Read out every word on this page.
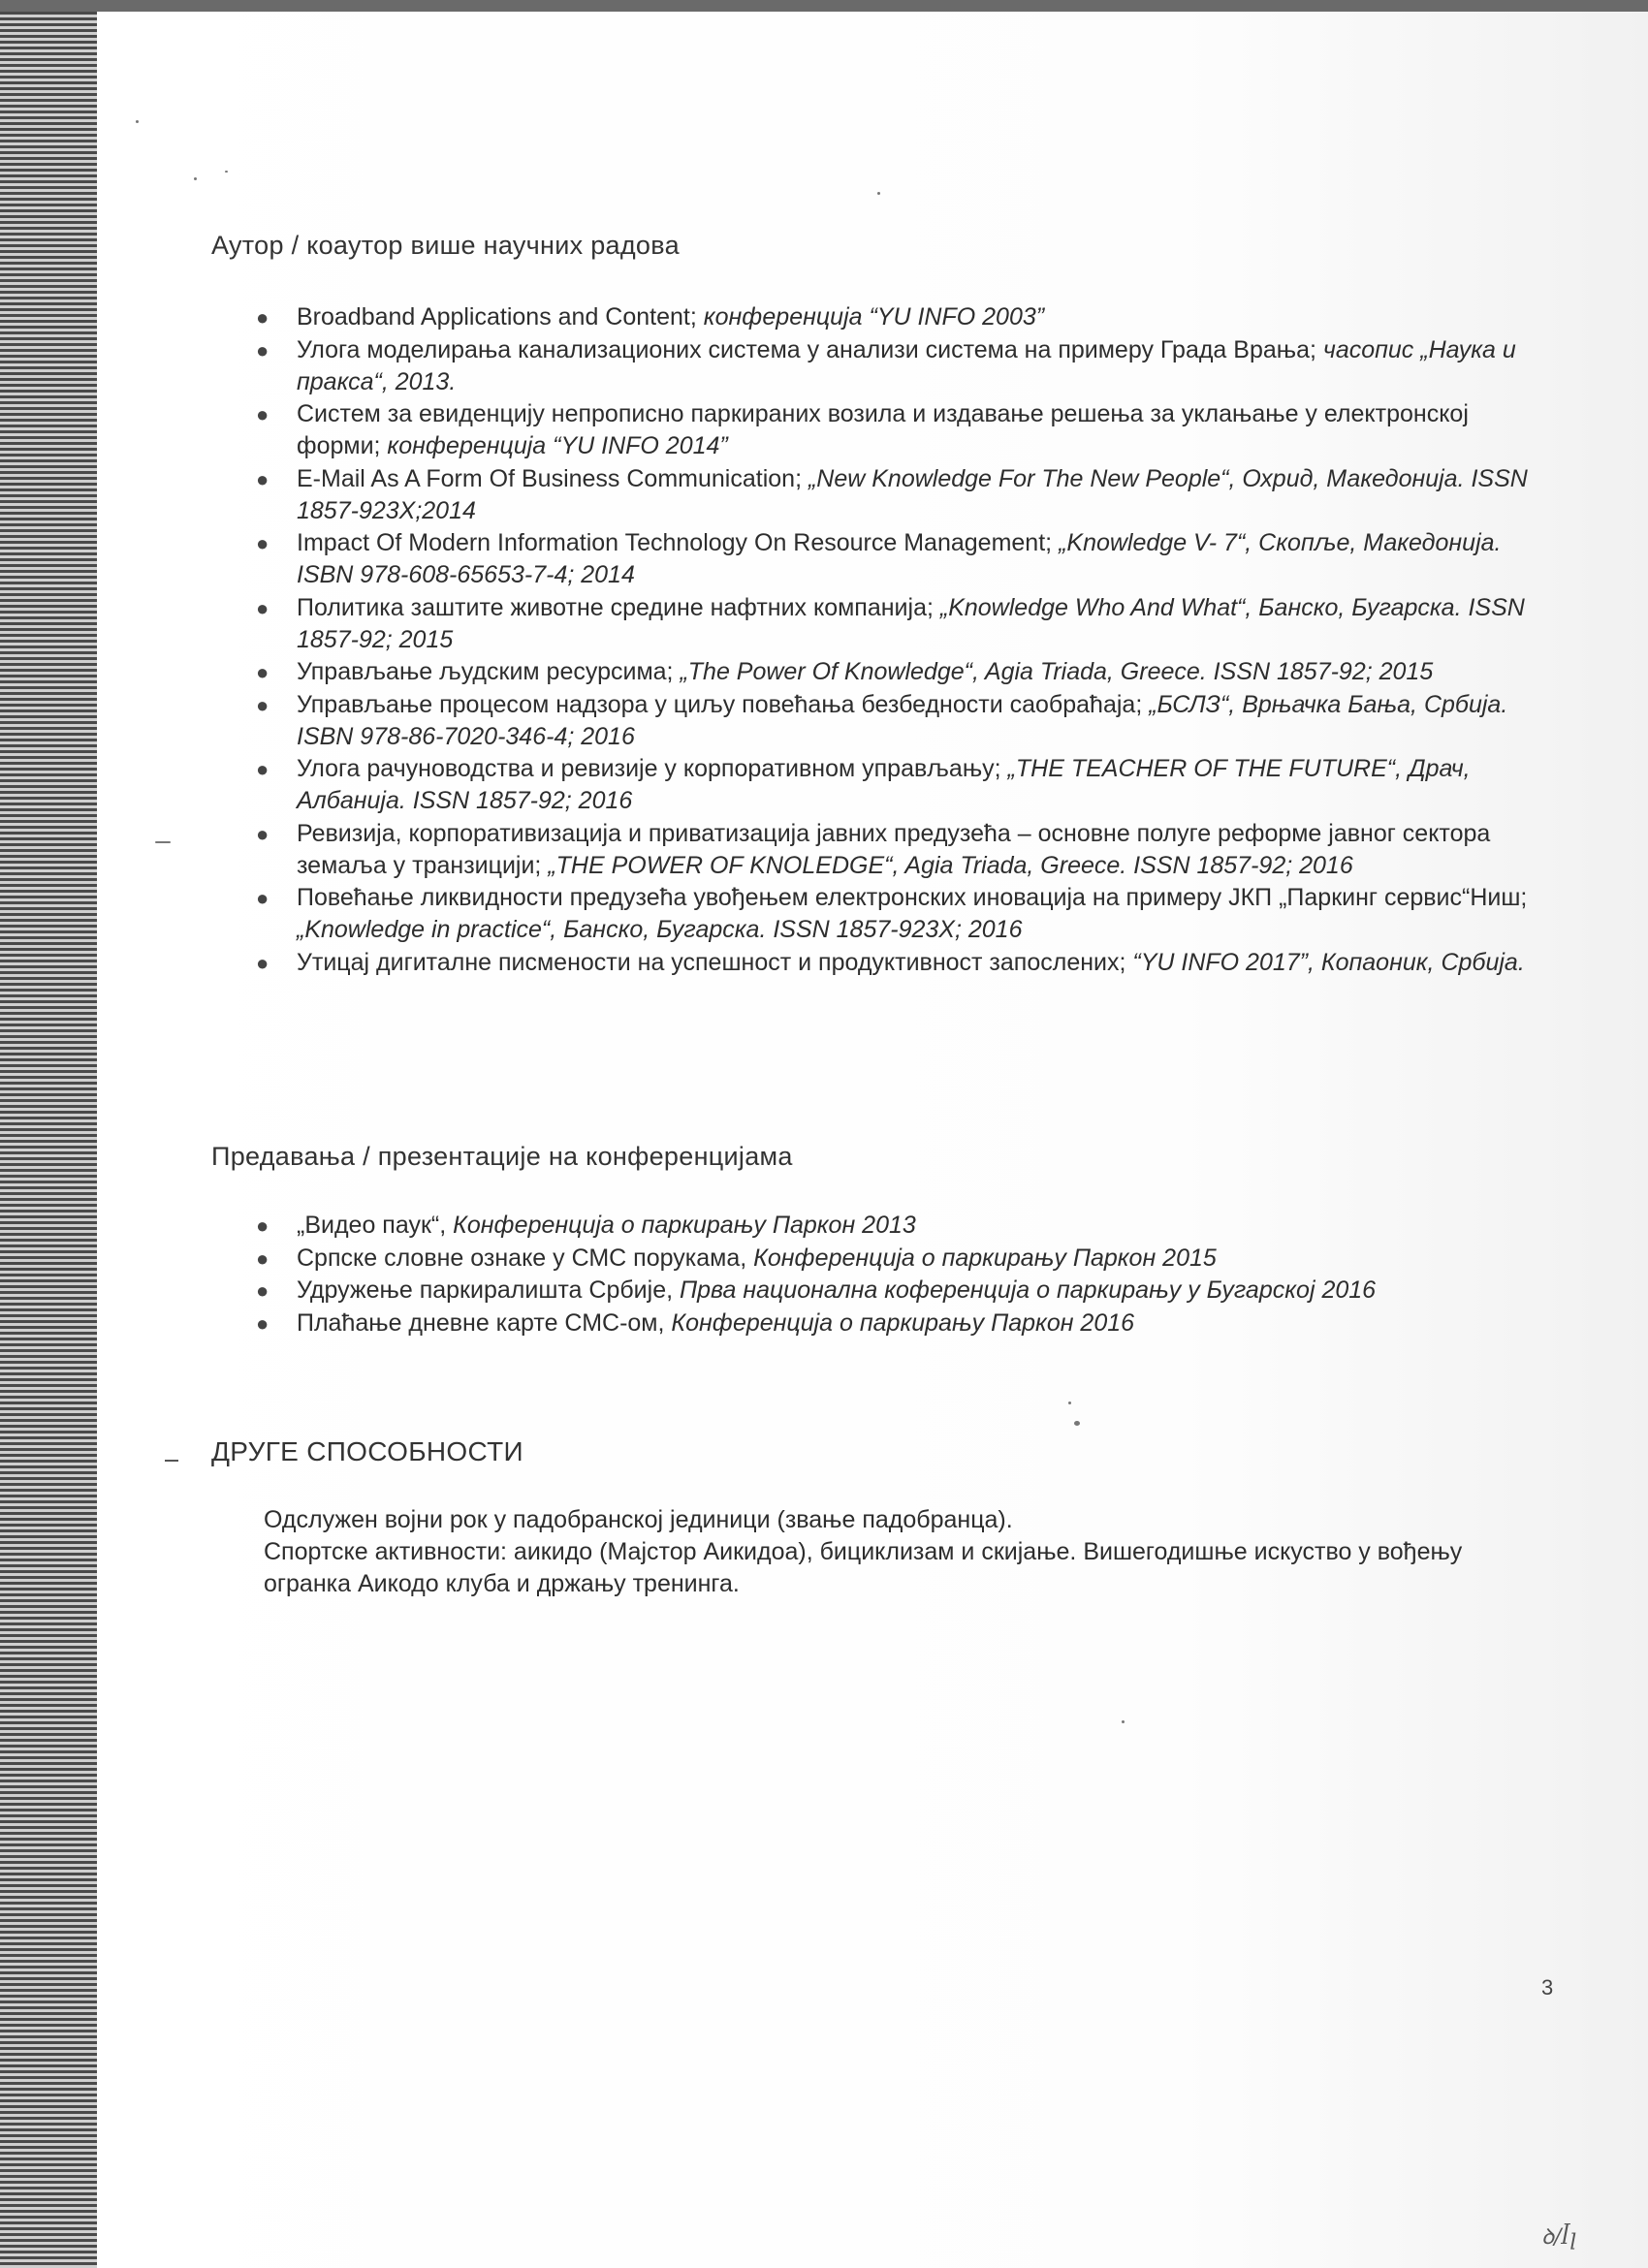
Аутор / коаутор више научних радова
● Broadband Applications and Content; конференција “YU INFO 2003”
● Улога моделирања канализационих система у анализи система на примеру Града Врања; часопис „Наука и пракса“, 2013.
● Систем за евиденцију непрописно паркираних возила и издавање решења за уклањање у електронској форми; конференција “YU INFO 2014”
● E-Mail As A Form Of Business Communication; „New Knowledge For The New People“, Охрид, Македонија. ISSN 1857-923X;2014
● Impact Of Modern Information Technology On Resource Management; „Knowledge V- 7“, Скопље, Македонија. ISBN 978-608-65653-7-4; 2014
● Политика заштите животне средине нафтних компанија; „Knowledge Who And What“, Банско, Бугарска. ISSN 1857-92; 2015
● Управљање људским ресурсима; „The Power Of Knowledge“, Agia Triada, Greece. ISSN 1857-92; 2015
● Управљање процесом надзора у циљу повећања безбедности саобраћаја; „БСЛЗ“, Врњачка Бања, Србија. ISBN 978-86-7020-346-4; 2016
● Улога рачуноводства и ревизије у корпоративном управљању; „THE TEACHER OF THE FUTURE“, Драч, Албанија. ISSN 1857-92; 2016
● Ревизија, корпоративизација и приватизација јавних предузећа – основне полуге реформе јавног сектора земаља у транзицији; „THE POWER OF KNOLEDGE“, Agia Triada, Greece. ISSN 1857-92; 2016
● Повећање ликвидности предузећа увођењем електронских иновација на примеру ЈКП „Паркинг сервис“Ниш; „Knowledge in practice“, Банско, Бугарска. ISSN 1857-923X; 2016
● Утицај дигиталне писмености на успешност и продуктивност запослених; “YU INFO 2017”, Копаоник, Србија.
Предавања / презентације на конференцијама
● „Видео паук“, Конференција о паркирању Паркон 2013
● Српске словне ознаке у СМС порукама, Конференција о паркирању Паркон 2015
● Удружење паркиралишта Србије, Прва национална коференција о паркирању у Бугарској 2016
● Плаћање дневне карте СМС-ом, Конференција о паркирању Паркон 2016
ДРУГЕ СПОСОБНОСТИ

Одслужен војни рок у падобранској јединици (звање падобранца).

Спортске активности: аикидо (Мајстор Аикидоа), бициклизам и скијање. Вишегодишње искуство у вођењу огранка Аикодо клуба и држању тренинга.

3
ꝺ/ꟾꞁ
